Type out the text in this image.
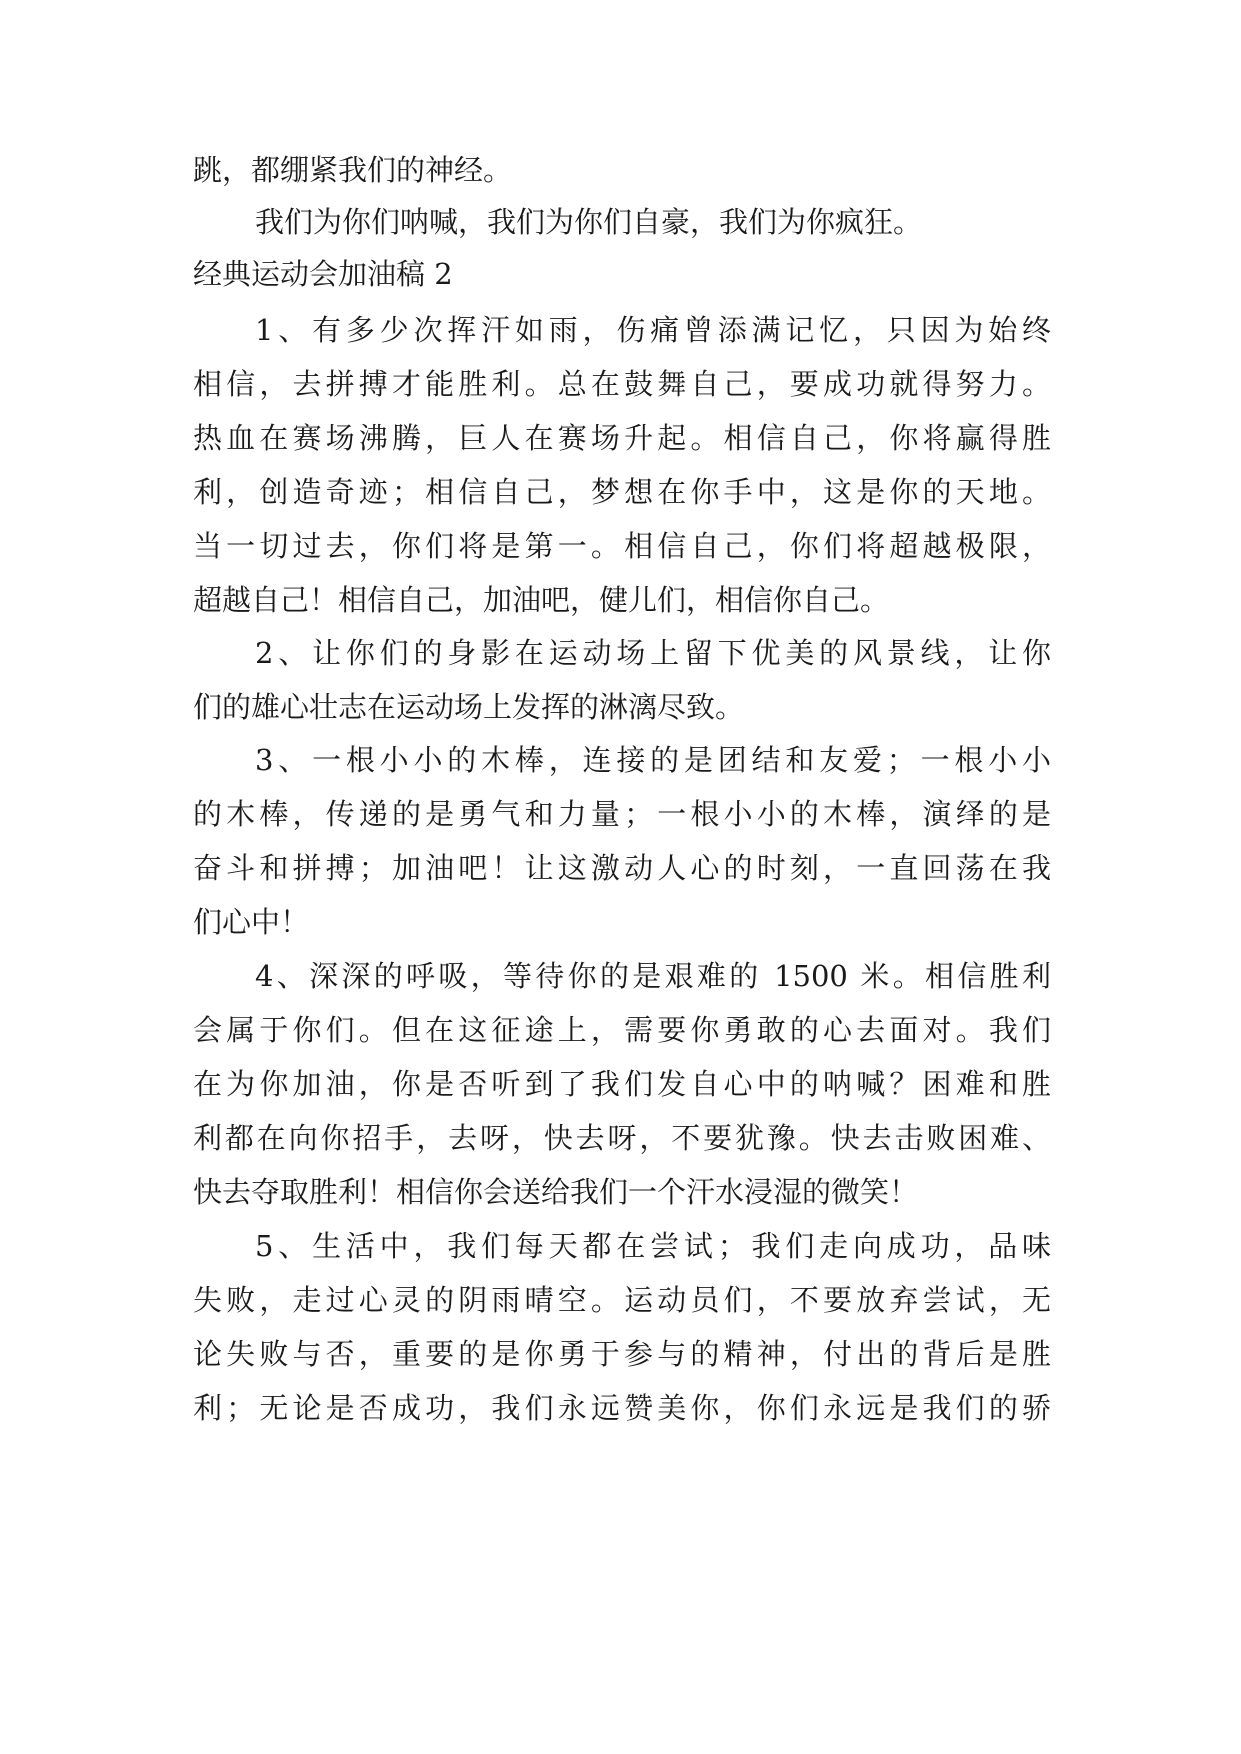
跳，都绷紧我们的神经。
我们为你们呐喊，我们为你们自豪，我们为你疯狂。
经典运动会加油稿 2
1、有多少次挥汗如雨，伤痛曾添满记忆，只因为始终
相信，去拼搏才能胜利。总在鼓舞自己，要成功就得努力。
热血在赛场沸腾，巨人在赛场升起。相信自己，你将赢得胜
利，创造奇迹；相信自己，梦想在你手中，这是你的天地。
当一切过去，你们将是第一。相信自己，你们将超越极限，
超越自己！相信自己，加油吧，健儿们，相信你自己。
2、让你们的身影在运动场上留下优美的风景线，让你
们的雄心壮志在运动场上发挥的淋漓尽致。
3、一根小小的木棒，连接的是团结和友爱；一根小小
的木棒，传递的是勇气和力量；一根小小的木棒，演绎的是
奋斗和拼搏；加油吧！让这激动人心的时刻，一直回荡在我
们心中！
4、深深的呼吸，等待你的是艰难的 1500 米。相信胜利
会属于你们。但在这征途上，需要你勇敢的心去面对。我们
在为你加油，你是否听到了我们发自心中的呐喊？困难和胜
利都在向你招手，去呀，快去呀，不要犹豫。快去击败困难、
快去夺取胜利！相信你会送给我们一个汗水浸湿的微笑！
5、生活中，我们每天都在尝试；我们走向成功，品味
失败，走过心灵的阴雨晴空。运动员们，不要放弃尝试，无
论失败与否，重要的是你勇于参与的精神，付出的背后是胜
利；无论是否成功，我们永远赞美你，你们永远是我们的骄
